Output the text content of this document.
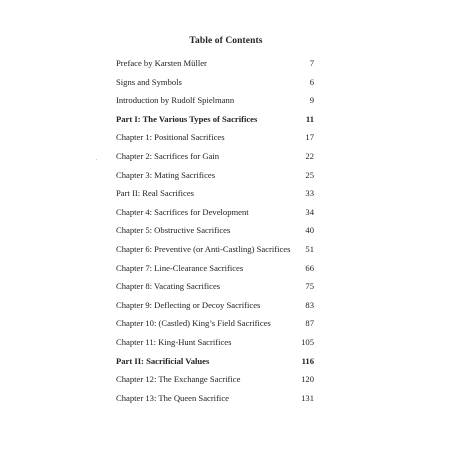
Table of Contents
Preface by Karsten Müller	7
Signs and Symbols	6
Introduction by Rudolf Spielmann	9
Part I: The Various Types of Sacrifices	11
Chapter 1: Positional Sacrifices	17
Chapter 2: Sacrifices for Gain	22
Chapter 3: Mating Sacrifices	25
Part II: Real Sacrifices	33
Chapter 4: Sacrifices for Development	34
Chapter 5: Obstructive Sacrifices	40
Chapter 6: Preventive (or Anti-Castling) Sacrifices 51
Chapter 7: Line-Clearance Sacrifices	66
Chapter 8: Vacating Sacrifices	75
Chapter 9: Deflecting or Decoy Sacrifices	83
Chapter 10: (Castled) King’s Field Sacrifices	87
Chapter 11: King-Hunt Sacrifices	105
Part II: Sacrificial Values	116
Chapter 12: The Exchange Sacrifice	120
Chapter 13: The Queen Sacrifice	131
